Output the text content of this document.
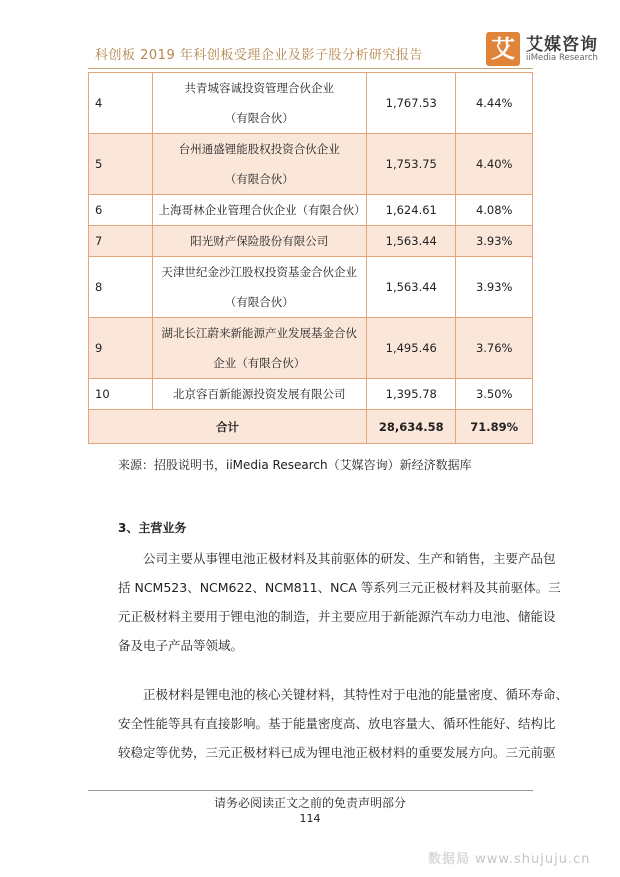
科创板 2019 年科创板受理企业及影子股分析研究报告	艾 艾媒咨询
iiMedia Research
4	共青城容诚投资管理合伙企业
（有限合伙）	1,767.53	4.44%
5	台州通盛锂能股权投资合伙企业
（有限合伙）	1,753.75	4.40%
6	上海哥林企业管理合伙企业（有限合伙）	1,624.61	4.08%
7	阳光财产保险股份有限公司	1,563.44	3.93%
8	天津世纪金沙江股权投资基金合伙企业
（有限合伙）	1,563.44	3.93%
9	湖北长江蔚来新能源产业发展基金合伙
企业（有限合伙）	1,495.46	3.76%
10	北京容百新能源投资发展有限公司	1,395.78	3.50%
合计		28,634.58	71.89%
来源：招股说明书，iiMedia Research（艾媒咨询）新经济数据库
3、主营业务
公司主要从事锂电池正极材料及其前驱体的研发、生产和销售，主要产品包
括 NCM523、NCM622、NCM811、NCA 等系列三元正极材料及其前驱体。三
元正极材料主要用于锂电池的制造，并主要应用于新能源汽车动力电池、储能设
备及电子产品等领域。
正极材料是锂电池的核心关键材料，其特性对于电池的能量密度、循环寿命、
安全性能等具有直接影响。基于能量密度高、放电容量大、循环性能好、结构比
较稳定等优势，三元正极材料已成为锂电池正极材料的重要发展方向。三元前驱
请务必阅读正文之前的免责声明部分
114
数据局 www.shujuju.cn
